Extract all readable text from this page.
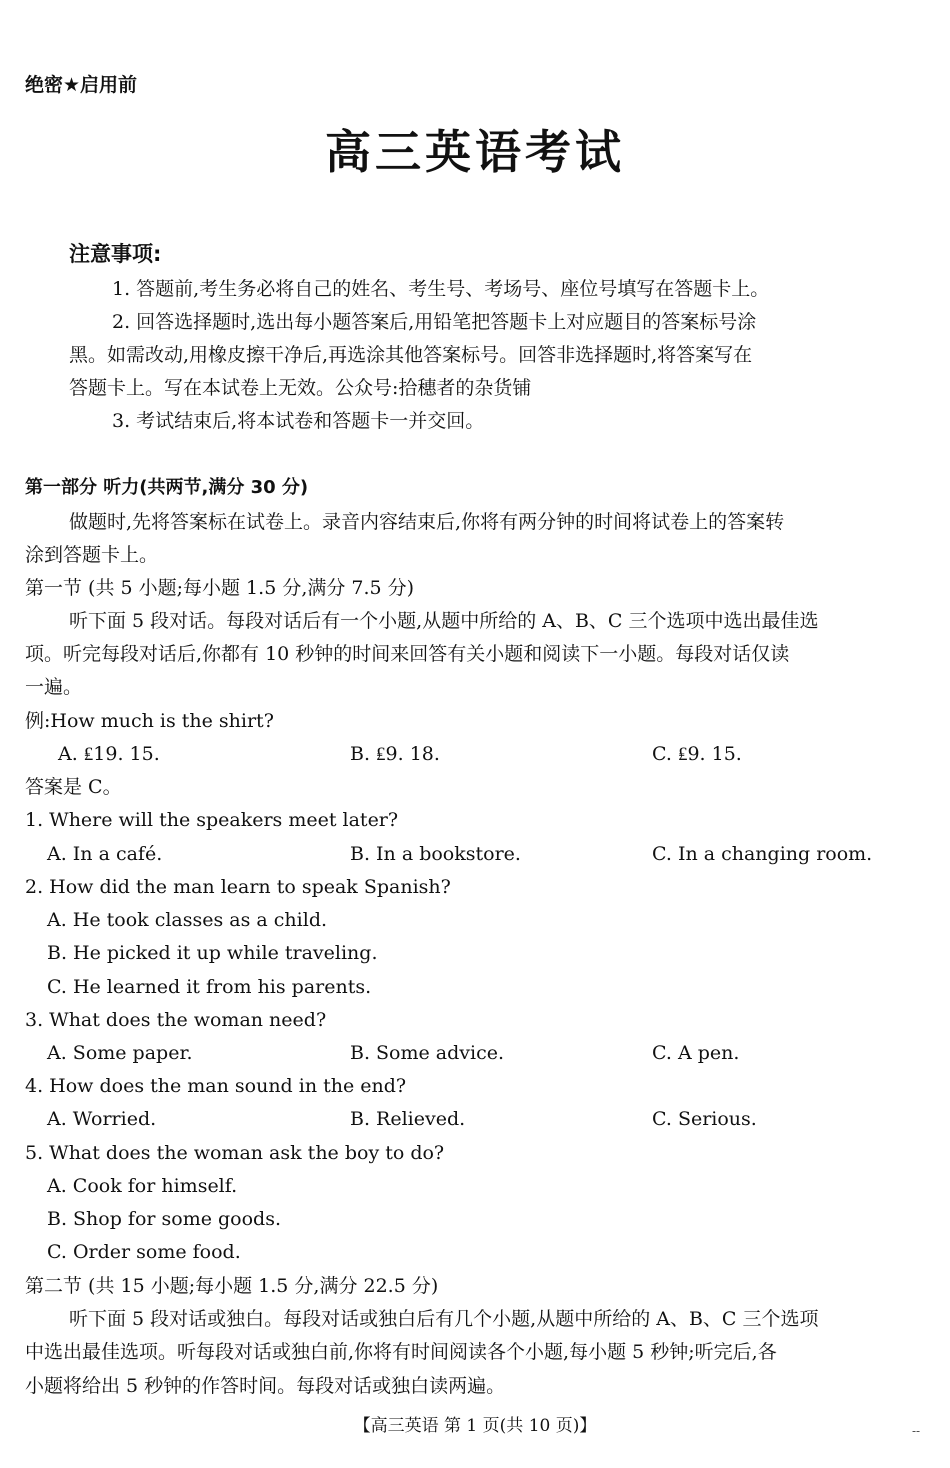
绝密★启用前
高三英语考试
注意事项:
1. 答题前,考生务必将自己的姓名、考生号、考场号、座位号填写在答题卡上。
2. 回答选择题时,选出每小题答案后,用铅笔把答题卡上对应题目的答案标号涂
黑。如需改动,用橡皮擦干净后,再选涂其他答案标号。回答非选择题时,将答案写在
答题卡上。写在本试卷上无效。公众号:拾穗者的杂货铺
3. 考试结束后,将本试卷和答题卡一并交回。
第一部分 听力(共两节,满分 30 分)
做题时,先将答案标在试卷上。录音内容结束后,你将有两分钟的时间将试卷上的答案转
涂到答题卡上。
第一节 (共 5 小题;每小题 1.5 分,满分 7.5 分)
听下面 5 段对话。每段对话后有一个小题,从题中所给的 A、B、C 三个选项中选出最佳选
项。听完每段对话后,你都有 10 秒钟的时间来回答有关小题和阅读下一小题。每段对话仅读
一遍。
例:How much is the shirt?
A. ₤19. 15.	B. ₤9. 18.	C. ₤9. 15.
答案是 C。
1. Where will the speakers meet later?
A. In a café.	B. In a bookstore.	C. In a changing room.
2. How did the man learn to speak Spanish?
A. He took classes as a child.
B. He picked it up while traveling.
C. He learned it from his parents.
3. What does the woman need?
A. Some paper.	B. Some advice.	C. A pen.
4. How does the man sound in the end?
A. Worried.	B. Relieved.	C. Serious.
5. What does the woman ask the boy to do?
A. Cook for himself.
B. Shop for some goods.
C. Order some food.
第二节 (共 15 小题;每小题 1.5 分,满分 22.5 分)
听下面 5 段对话或独白。每段对话或独白后有几个小题,从题中所给的 A、B、C 三个选项
中选出最佳选项。听每段对话或独白前,你将有时间阅读各个小题,每小题 5 秒钟;听完后,各
小题将给出 5 秒钟的作答时间。每段对话或独白读两遍。
【高三英语 第 1 页(共 10 页)】	--
